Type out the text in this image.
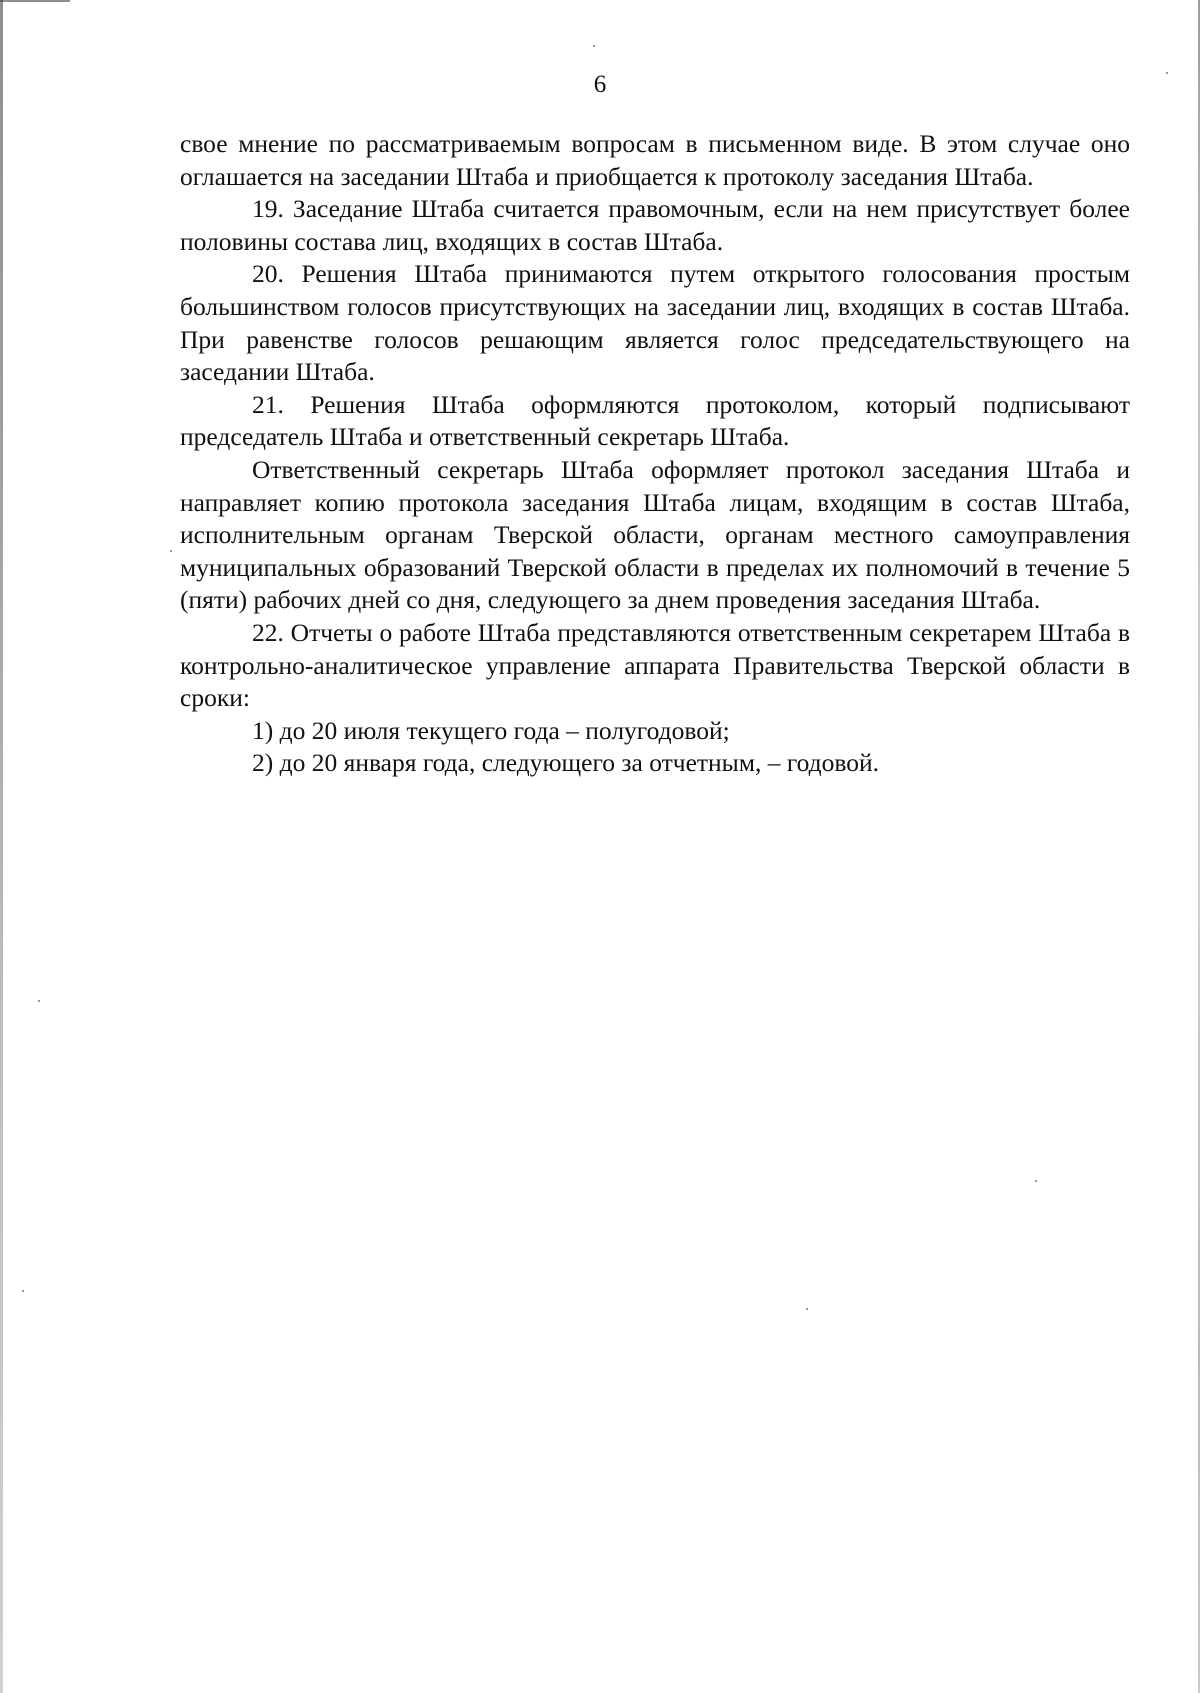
6

свое мнение по рассматриваемым вопросам в письменном виде. В этом случае оно оглашается на заседании Штаба и приобщается к протоколу заседания Штаба.

19. Заседание Штаба считается правомочным, если на нем присутствует более половины состава лиц, входящих в состав Штаба.

20. Решения Штаба принимаются путем открытого голосования простым большинством голосов присутствующих на заседании лиц, входящих в состав Штаба. При равенстве голосов решающим является голос председательствующего на заседании Штаба.

21. Решения Штаба оформляются протоколом, который подписывают председатель Штаба и ответственный секретарь Штаба.

Ответственный секретарь Штаба оформляет протокол заседания Штаба и направляет копию протокола заседания Штаба лицам, входящим в состав Штаба, исполнительным органам Тверской области, органам местного самоуправления муниципальных образований Тверской области в пределах их полномочий в течение 5 (пяти) рабочих дней со дня, следующего за днем проведения заседания Штаба.

22. Отчеты о работе Штаба представляются ответственным секретарем Штаба в контрольно-аналитическое управление аппарата Правительства Тверской области в сроки:

1) до 20 июля текущего года – полугодовой;

2) до 20 января года, следующего за отчетным, – годовой.
